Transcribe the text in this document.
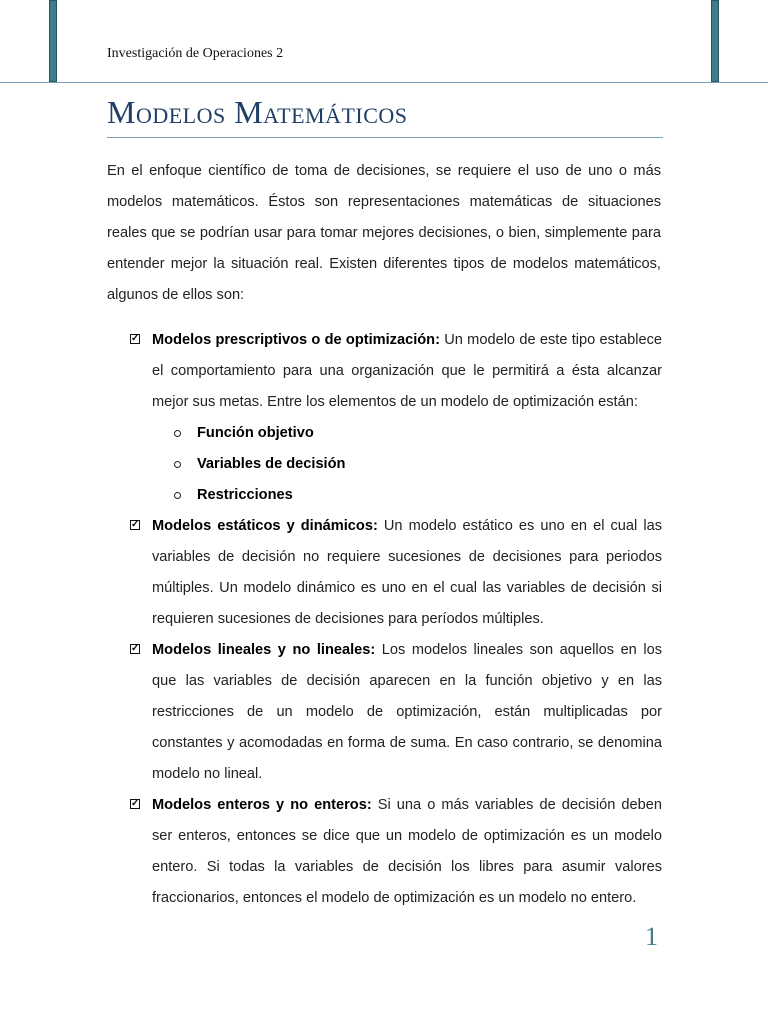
Investigación de Operaciones 2
Modelos Matemáticos

En el enfoque científico de toma de decisiones, se requiere el uso de uno o más modelos matemáticos. Éstos son representaciones matemáticas de situaciones reales que se podrían usar para tomar mejores decisiones, o bien, simplemente para entender mejor la situación real. Existen diferentes tipos de modelos matemáticos, algunos de ellos son:

✓ Modelos prescriptivos o de optimización: Un modelo de este tipo establece el comportamiento para una organización que le permitirá a ésta alcanzar mejor sus metas. Entre los elementos de un modelo de optimización están:
Función objetivo
Variables de decisión
Restricciones
✓ Modelos estáticos y dinámicos: Un modelo estático es uno en el cual las variables de decisión no requiere sucesiones de decisiones para periodos múltiples. Un modelo dinámico es uno en el cual las variables de decisión si requieren sucesiones de decisiones para períodos múltiples.
✓ Modelos lineales y no lineales: Los modelos lineales son aquellos en los que las variables de decisión aparecen en la función objetivo y en las restricciones de un modelo de optimización, están multiplicadas por constantes y acomodadas en forma de suma. En caso contrario, se denomina modelo no lineal.
✓ Modelos enteros y no enteros: Si una o más variables de decisión deben ser enteros, entonces se dice que un modelo de optimización es un modelo entero. Si todas la variables de decisión los libres para asumir valores fraccionarios, entonces el modelo de optimización es un modelo no entero.
1
